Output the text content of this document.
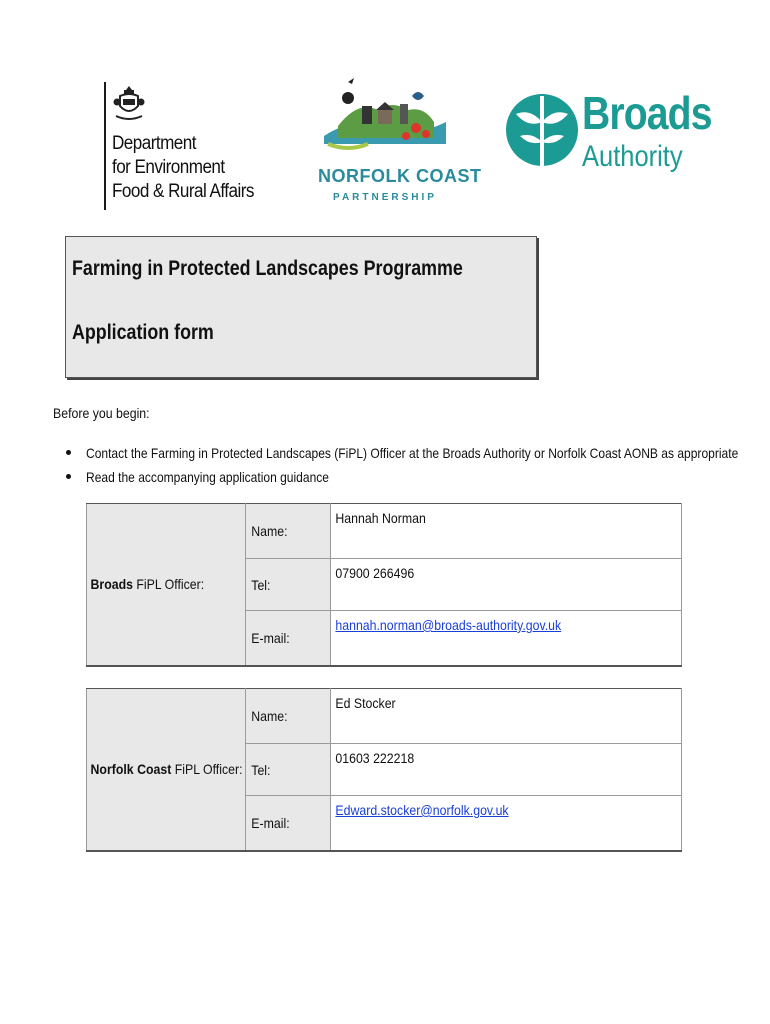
Department
for Environment
Food & Rural Affairs
NORFOLK COAST
PARTNERSHIP
Broads
Authority
Farming in Protected Landscapes Programme
Application form
Before you begin:
Contact the Farming in Protected Landscapes (FiPL) Officer at the Broads Authority or Norfolk Coast AONB as appropriate
Read the accompanying application guidance
Broads FiPL Officer:	Name:	Hannah Norman
	Tel:	07900 266496
	E-mail:	hannah.norman@broads-authority.gov.uk
Norfolk Coast FiPL Officer:	Name:	Ed Stocker
	Tel:	01603 222218
	E-mail:	Edward.stocker@norfolk.gov.uk
